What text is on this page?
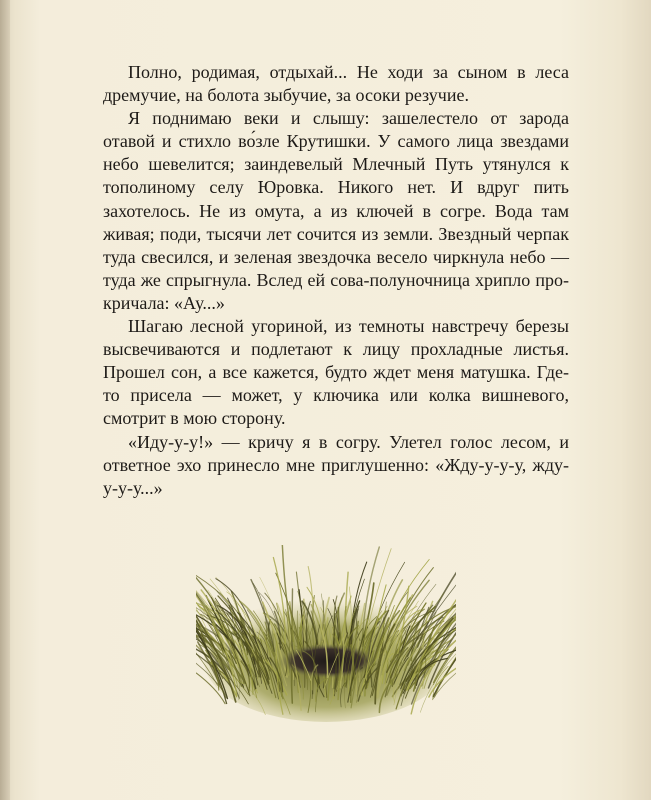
Полно, родимая, отдыхай... Не ходи за сыном в леса дремучие, на болота зыбучие, за осоки резучие.

Я поднимаю веки и слышу: зашелестело от зарода отавой и стихло во́зле Крутишки. У самого лица звездами небо шевелится; заиндевелый Млечный Путь утянулся к тополиному селу Юровка. Никого нет. И вдруг пить захотелось. Не из омута, а из ключей в согре. Вода там живая; поди, тысячи лет сочится из земли. Звездный черпак туда свесился, и зеленая звездочка весело чиркнула небо — туда же спрыгнула. Вслед ей сова-полуночница хрипло прокричала: «Ау...»

Шагаю лесной угориной, из темноты навстречу березы высвечиваются и подлетают к лицу прохладные листья. Прошел сон, а все кажется, будто ждет меня матушка. Где-то присела — может, у ключика или колка вишневого, смотрит в мою сторону.

«Иду-у-у!» — кричу я в согру. Улетел голос лесом, и ответное эхо принесло мне приглушенно: «Жду-у-у-у, жду-у-у-у...»
